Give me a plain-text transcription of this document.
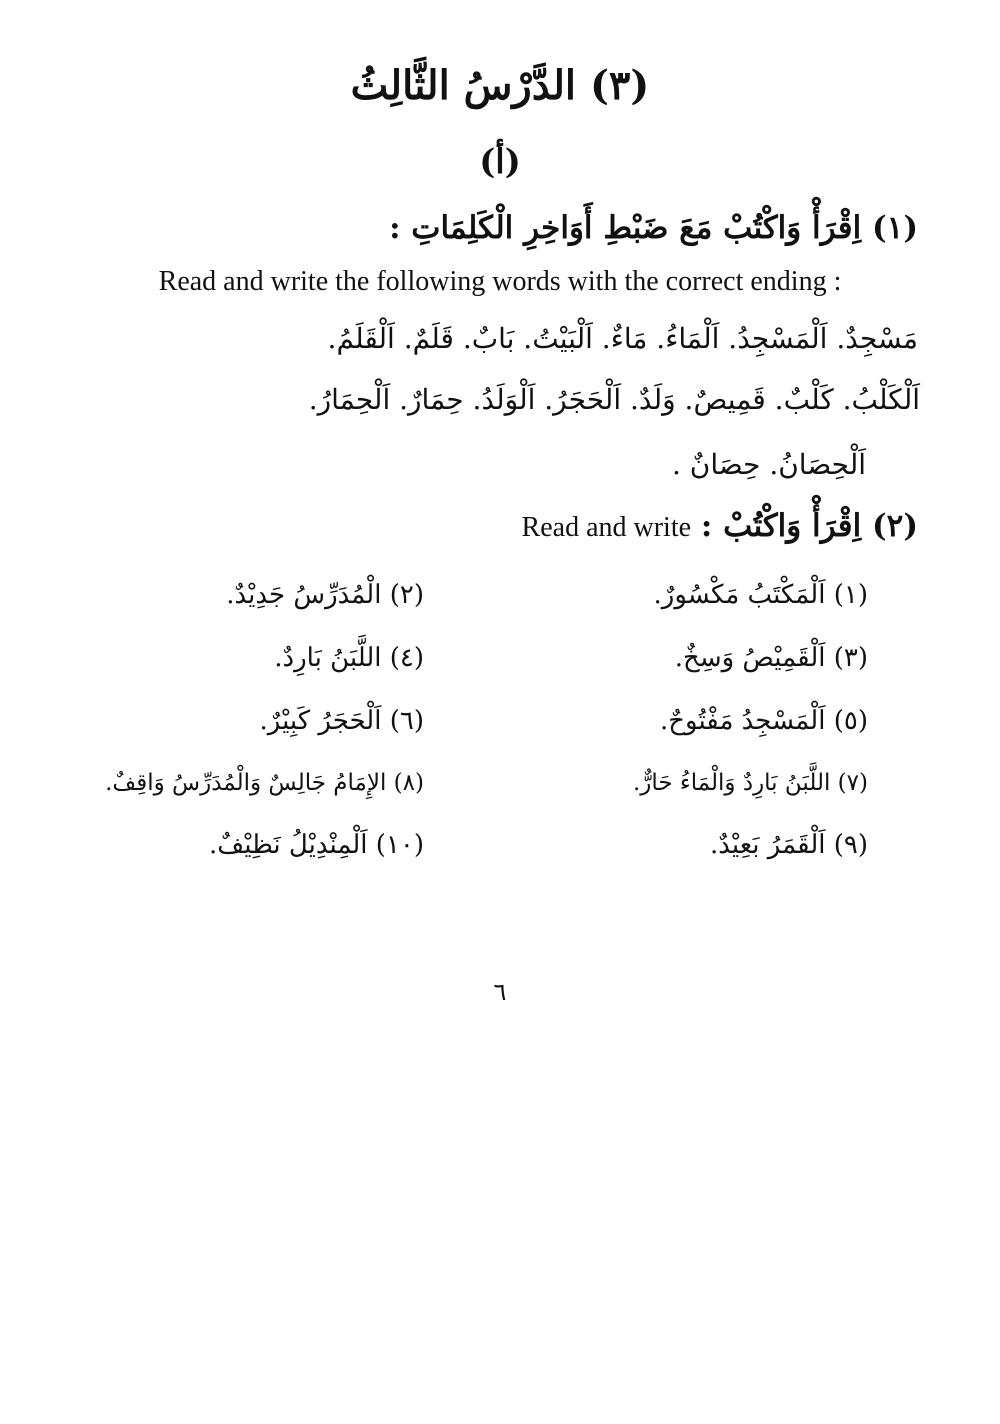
(٣) الدَّرْسُ الثَّالِثُ
(أ)
(١) اِقْرَأْ وَاكْتُبْ مَعَ ضَبْطِ أَوَاخِرِ الْكَلِمَاتِ :
Read and write the following words with the correct ending :
مَسْجِدٌ. اَلْمَسْجِدُ. اَلْمَاءُ. مَاءٌ. اَلْبَيْتُ. بَابٌ. قَلَمٌ. اَلْقَلَمُ.
اَلْكَلْبُ. كَلْبٌ. قَمِيصٌ. وَلَدٌ. اَلْحَجَرُ. اَلْوَلَدُ. حِمَارٌ. اَلْحِمَارُ.
اَلْحِصَانُ. حِصَانٌ .
(٢) اِقْرَأْ وَاكْتُبْ : Read and write
(١) اَلْمَكْتَبُ مَكْسُورٌ.
(٢) الْمُدَرِّسُ جَدِيْدٌ.
(٣) اَلْقَمِيْصُ وَسِخٌ.
(٤) اللَّبَنُ بَارِدٌ.
(٥) اَلْمَسْجِدُ مَفْتُوحٌ.
(٦) اَلْحَجَرُ كَبِيْرٌ.
(٧) اللَّبَنُ بَارِدٌ وَالْمَاءُ حَارٌّ.
(٨) الإِمَامُ جَالِسٌ وَالْمُدَرِّسُ وَاقِفٌ.
(٩) اَلْقَمَرُ بَعِيْدٌ.
(١٠) اَلْمِنْدِيْلُ نَظِيْفٌ.
٦
